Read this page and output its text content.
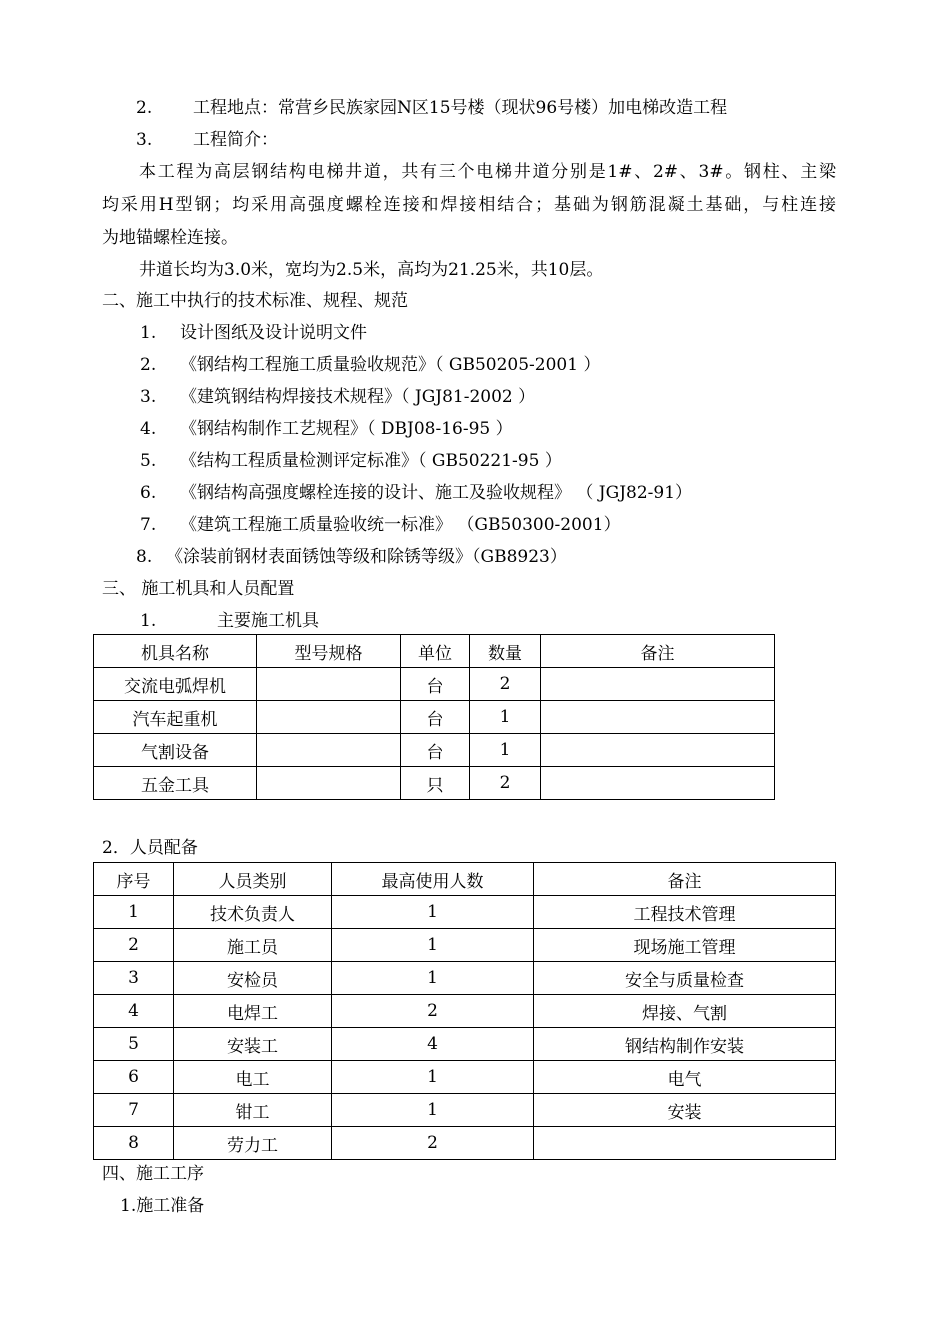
2. 工程地点：常营乡民族家园N区15号楼（现状96号楼）加电梯改造工程
3. 工程简介：
本工程为高层钢结构电梯井道，共有三个电梯井道分别是1#、2#、3#。钢柱、主梁
均采用H型钢；均采用高强度螺栓连接和焊接相结合；基础为钢筋混凝土基础，与柱连接
为地锚螺栓连接。
井道长均为3.0米，宽均为2.5米，高均为21.25米，共10层。
二、施工中执行的技术标准、规程、规范
1. 设计图纸及设计说明文件
2. 《钢结构工程施工质量验收规范》（ GB50205-2001 ）
3. 《建筑钢结构焊接技术规程》（ JGJ81-2002 ）
4. 《钢结构制作工艺规程》（ DBJ08-16-95 ）
5. 《结构工程质量检测评定标准》（ GB50221-95 ）
6. 《钢结构高强度螺栓连接的设计、施工及验收规程》 （ JGJ82-91）
7. 《建筑工程施工质量验收统一标准》 （GB50300-2001）
8. 《涂装前钢材表面锈蚀等级和除锈等级》（GB8923）
三、 施工机具和人员配置
1.	主要施工机具
机具名称	型号规格	单位	数量	备注
交流电弧焊机		台	2	
汽车起重机		台	1	
气割设备		台	1	
五金工具		只	2	
2．人员配备
序号	人员类别	最高使用人数	备注
1	技术负责人	1	工程技术管理
2	施工员	1	现场施工管理
3	安检员	1	安全与质量检查
4	电焊工	2	焊接、气割
5	安装工	4	钢结构制作安装
6	电工	1	电气
7	钳工	1	安装
8	劳力工	2	
四、施工工序
1.施工准备
